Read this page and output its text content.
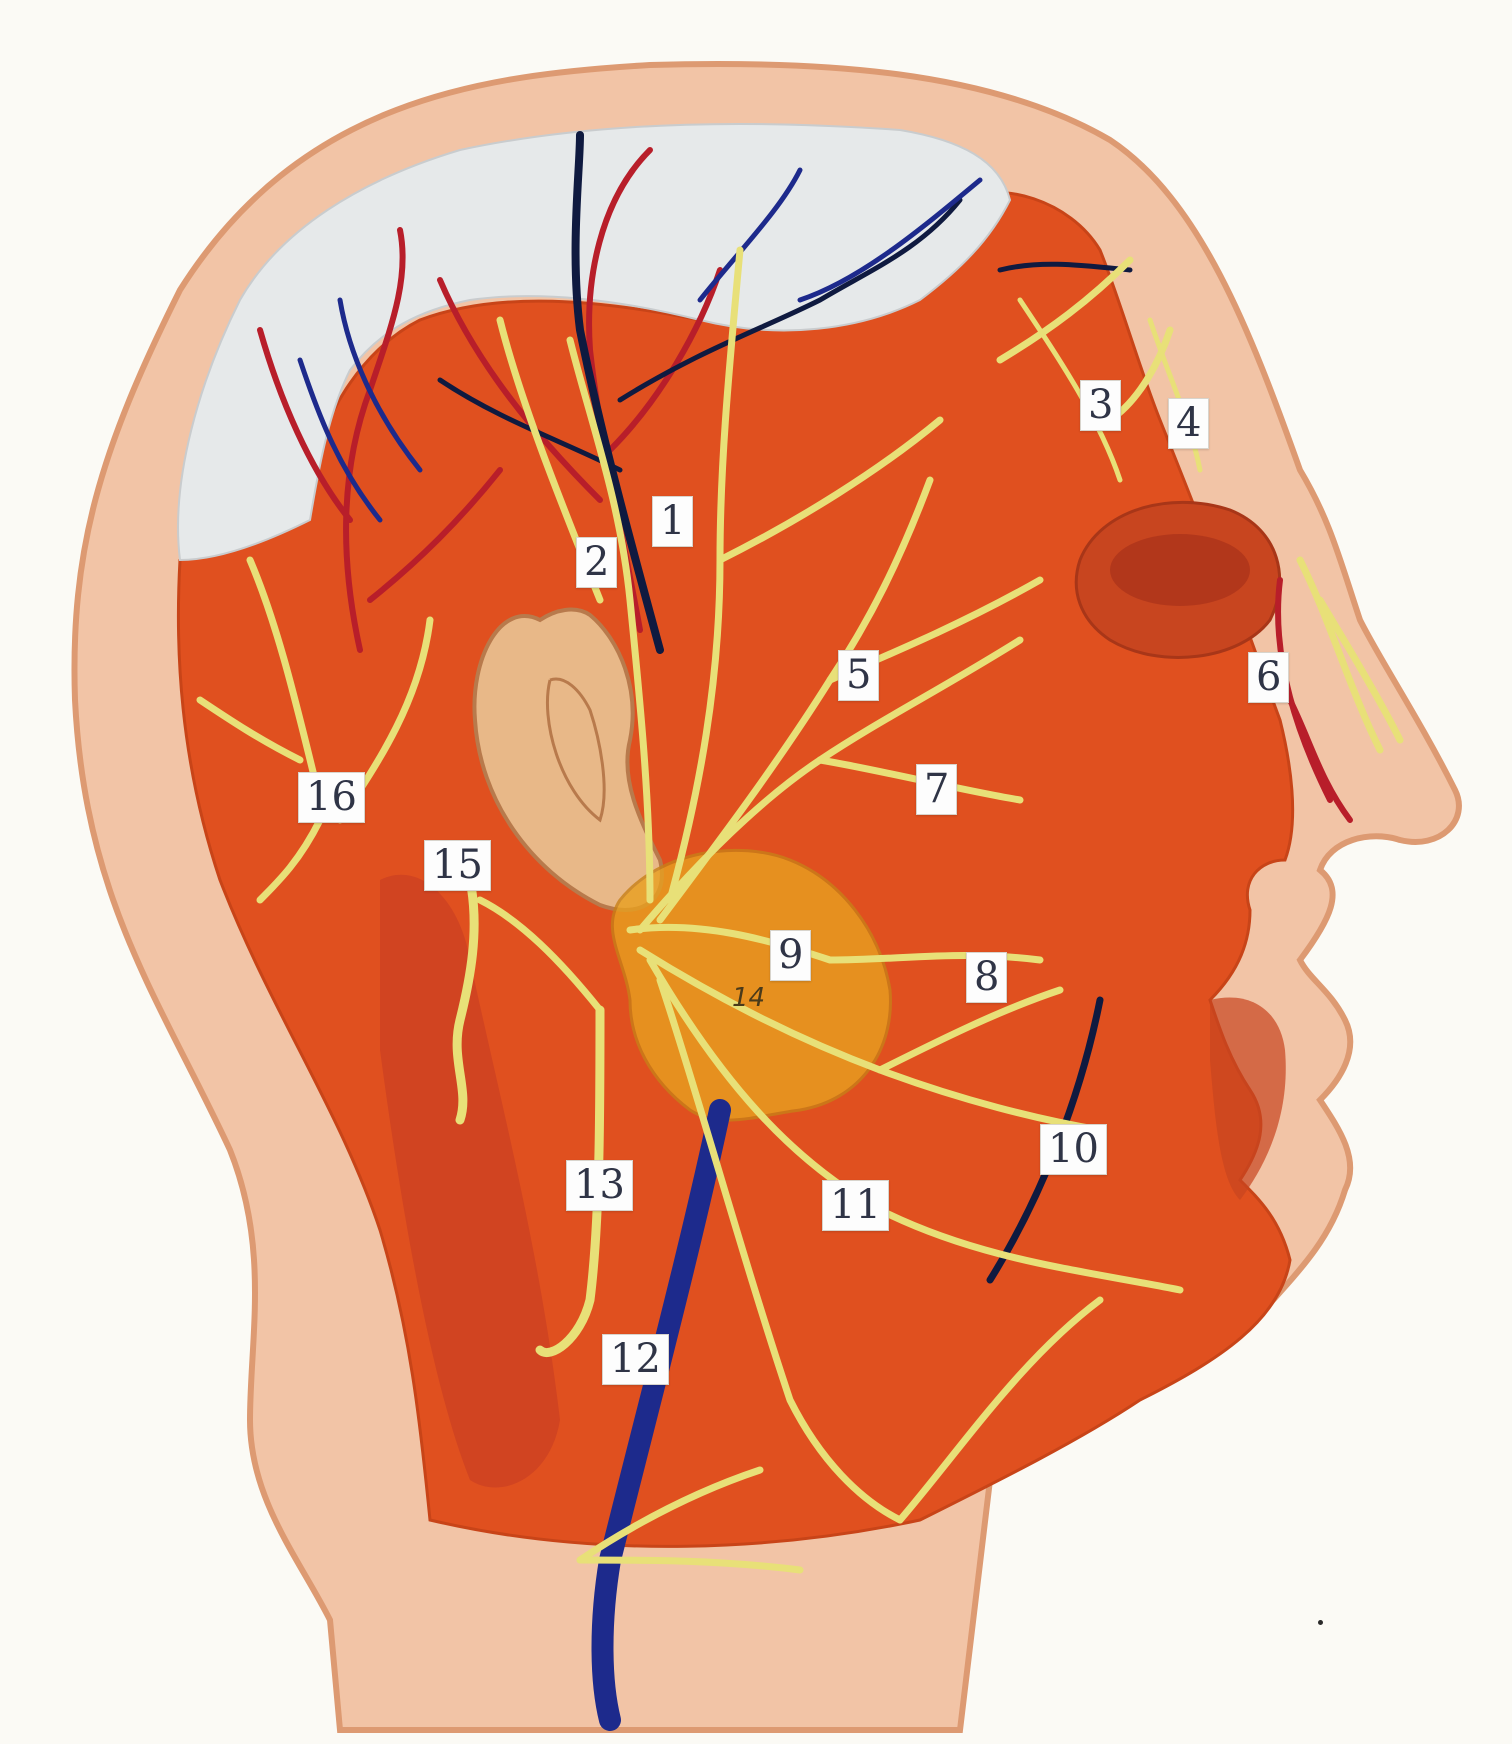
1
2
3 4
5	6
7
8
9
10
11
12
13
14
15
16
